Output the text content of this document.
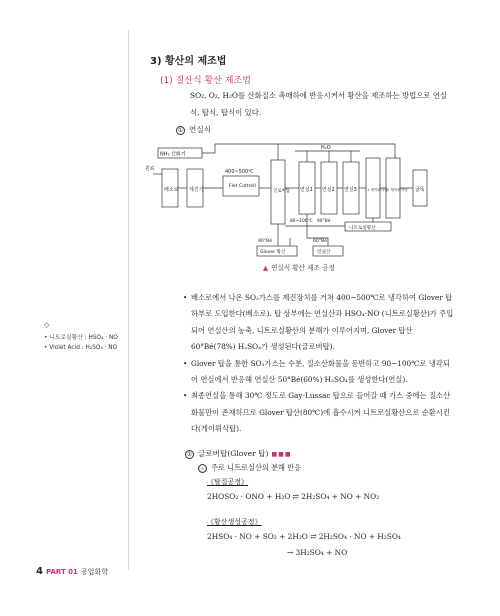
3) 황산의 제조법
(1) 질산식 황산 제조법
SO₂, O₂, H₂O를 산화질소 촉매하에 반응시켜서 황산을 제조하는 방법으로 연실식, 탑식, 탑식이 있다.
① 연실식
NH₃ 산화기
원료
H₂O
400~500℃
배소로 제진기
Flet Cottrell
글로버탑 연실1 연실2 연실3	1 게이뤼삭탑 2 게이뤼삭탑 굴뚝
80~100℃ 90°Bé
니트로실황산
90°Bé	60°Bé
Glover 황산	연실산
▲ 연실식 황산 제조 공정
• 배소로에서 나온 SO₂가스를 제진장치를 거쳐 400~500℃로 냉각하여 Glover 탑 하부로 도입한다(배소로). 탑 상부에는 연실산과 HSO₄·NO (니트로실황산)가 주입되어 연실산의 농축, 니트로실황산의 분해가 이루어지며, Glover 탑산 60°Bé(78%) H₂SO₄가 생성된다(글로버탑).
• Glover 탑을 통한 SO₂가스는 수분, 질소산화물을 동반하고 90~100℃로 냉각되어 연실에서 반응해 연실산 50°Bé(60%) H₂SO₄를 생성한다(연실).
• 최종연실을 통해 30℃ 정도로 Gay-Lussac 탑으로 들어갈 때 가스 중에는 질소산화물만이 존재하므로 Glover 탑산(80℃)에 흡수시켜 니트로실황산으로 순환시킨다(게이뤼삭탑).
◇
• 니트로실황산 : HSO₄ · NO
• Violet Acid : H₂SO₄ · NO
① 글로버탑(Glover 탑) ■■■
ⓐ 주로 니트로실산의 분해 반응
《탈질공정》
2HOSO₂ · ONO + H₂O ⇄ 2H₂SO₄ + NO + NO₂
《황산생성공정》
2HSO₄ · NO + SO₂ + 2H₂O ⇄ 2H₂SO₄ · NO + H₂SO₄
→ 3H₂SO₄ + NO
4 PART 01 공업화학
